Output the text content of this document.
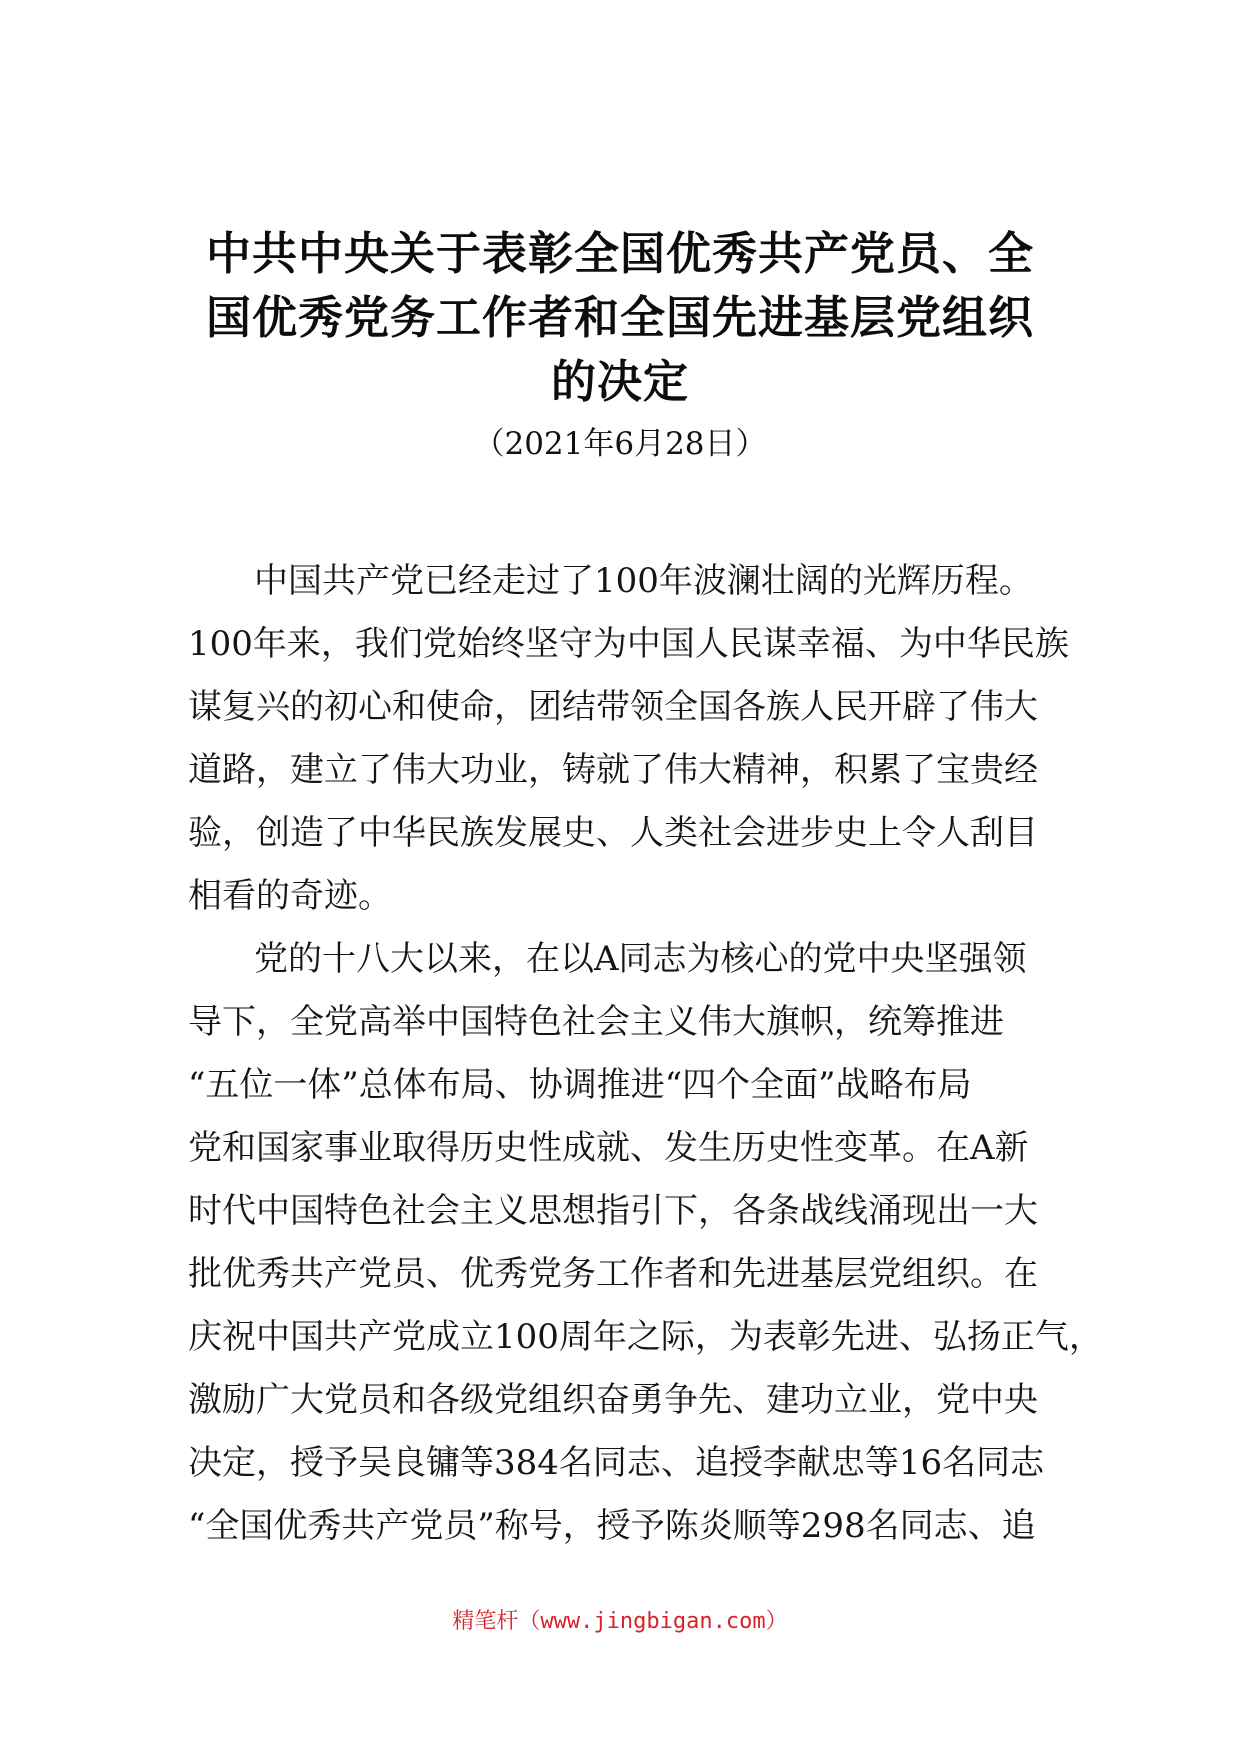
中共中央关于表彰全国优秀共产党员、全
国优秀党务工作者和全国先进基层党组织
的决定
（2021年6月28日）
中国共产党已经走过了100年波澜壮阔的光辉历程。
100年来，我们党始终坚守为中国人民谋幸福、为中华民族
谋复兴的初心和使命，团结带领全国各族人民开辟了伟大
道路，建立了伟大功业，铸就了伟大精神，积累了宝贵经
验，创造了中华民族发展史、人类社会进步史上令人刮目
相看的奇迹。
党的十八大以来，在以A同志为核心的党中央坚强领
导下，全党高举中国特色社会主义伟大旗帜，统筹推进
“五位一体”总体布局、协调推进“四个全面”战略布局
党和国家事业取得历史性成就、发生历史性变革。在A新
时代中国特色社会主义思想指引下，各条战线涌现出一大
批优秀共产党员、优秀党务工作者和先进基层党组织。在
庆祝中国共产党成立100周年之际，为表彰先进、弘扬正气，
激励广大党员和各级党组织奋勇争先、建功立业，党中央
决定，授予吴良镛等384名同志、追授李献忠等16名同志
“全国优秀共产党员”称号，授予陈炎顺等298名同志、追
精笔杆（www.jingbigan.com）
